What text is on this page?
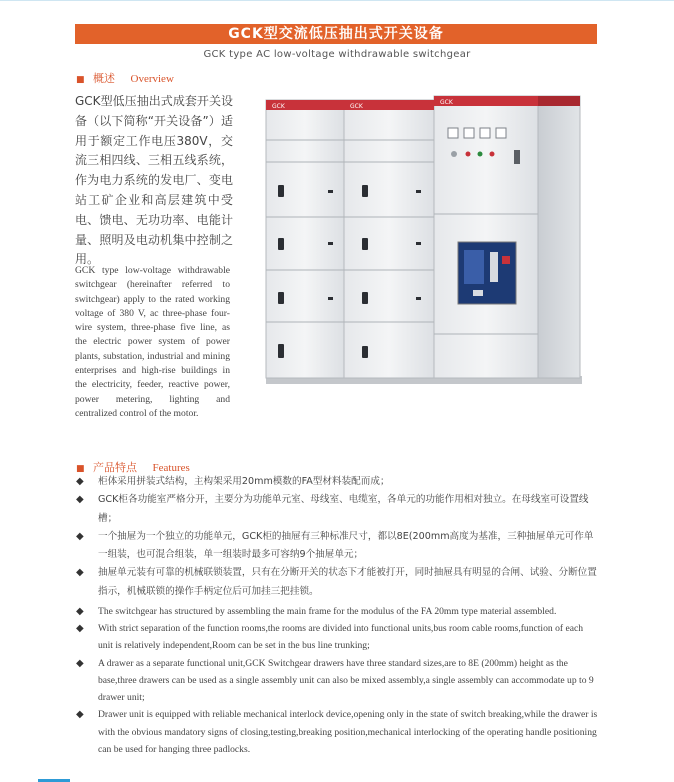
GCK型交流低压抽出式开关设备
GCK type AC low-voltage withdrawable switchgear
■ 概述 Overview
GCK型低压抽出式成套开关设备（以下简称“开关设备”）适用于额定工作电压380V，交流三相四线、三相五线系统，作为电力系统的发电厂、变电站工矿企业和高层建筑中受电、馈电、无功功率、电能计量、照明及电动机集中控制之用。
GCK type low-voltage withdrawable switchgear (hereinafter referred to switchgear) apply to the rated working voltage of 380 V, ac three-phase four-wire system, three-phase five line, as the electric power system of power plants, substation, industrial and mining enterprises and high-rise buildings in the electricity, feeder, reactive power, power metering, lighting and centralized control of the motor.
GCK	GCK
GCK
■ 产品特点 Features
◆ 柜体采用拼装式结构，主构架采用20mm模数的FA型材料装配而成；
◆ GCK柜各功能室严格分开，主要分为功能单元室、母线室、电缆室，各单元的功能作用相对独立。在母线室可设置线槽；
◆ 一个抽屉为一个独立的功能单元，GCK柜的抽屉有三种标准尺寸，都以8E(200mm高度为基准，三种抽屉单元可作单一组装，也可混合组装，单一组装时最多可容纳9个抽屉单元；
◆ 抽屉单元装有可靠的机械联锁装置，只有在分断开关的状态下才能被打开，同时抽屉具有明显的合闸、试验、分断位置指示，机械联锁的操作手柄定位后可加挂三把挂锁。
◆ The switchgear has structured by assembling the main frame for the modulus of the FA 20mm type material assembled.
◆ With strict separation of the function rooms,the rooms are divided into functional units,bus room cable rooms,function of each unit is relatively independent,Room can be set in the bus line trunking;
◆ A drawer as a separate functional unit,GCK Switchgear drawers have three standard sizes,are to 8E (200mm) height as the base,three drawers can be used as a single assembly unit can also be mixed assembly,a single assembly can accommodate up to 9 drawer unit;
◆ Drawer unit is equipped with reliable mechanical interlock device,opening only in the state of switch breaking,while the drawer is with the obvious mandatory signs of closing,testing,breaking position,mechanical interlocking of the operating handle positioning can be used for hanging three padlocks.
